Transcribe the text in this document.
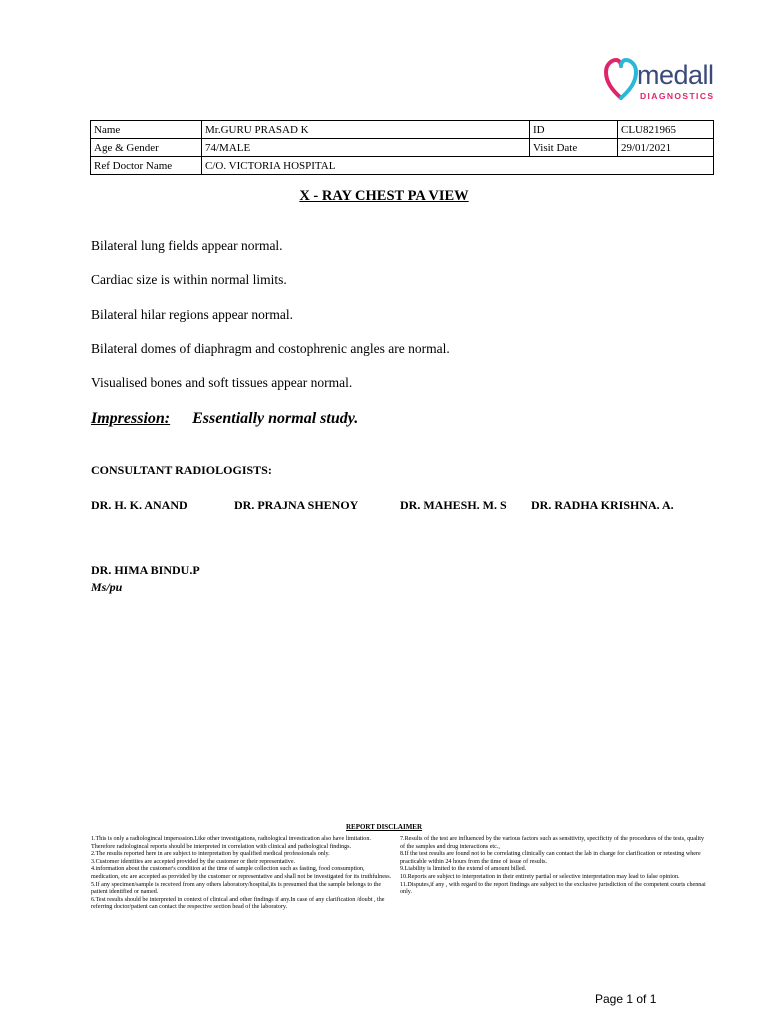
medall
DIAGNOSTICS
Name	Mr.GURU PRASAD K	ID	CLU821965
Age & Gender	74/MALE	Visit Date	29/01/2021
Ref Doctor Name	C/O. VICTORIA HOSPITAL		
X - RAY CHEST PA VIEW
Bilateral lung fields appear normal.
Cardiac size is within normal limits.
Bilateral hilar regions appear normal.
Bilateral domes of diaphragm and costophrenic angles are normal.
Visualised bones and soft tissues appear normal.
Impression: Essentially normal study.
CONSULTANT RADIOLOGISTS:
DR. H. K. ANAND	DR. PRAJNA SHENOY	DR. MAHESH. M. S DR. RADHA KRISHNA. A.
DR. HIMA BINDU.P
Ms/pu
REPORT DISCLAIMER

1.This is only a radiologincal impersssion.Like other investigations, radiological investication also have limitation. Therefore radiologincal reports should be interpreted in correlation with clinical and pathological findings.

2.The results reported here in are subject to interpretation by qualified medical professionals only.

3.Customer identities are accepted provided by the customer or their representative.

4.information about the customer's condition at the time of sample collection such as fasting, food consumption, medication, etc are accepted as provided by the customer or representative and shall not be investigated for its truthfulness.

5.If any specimen/sample is received from any others laboratory/hospital,its is presumed that the sample belongs to the patient identified or named.

6.Test results should be interpreted in context of clinical and other findings if any.In case of any clarification /doubt , the referring doctor/patient can contact the respective section head of the laboratory.

7.Results of the test are influenced by the various factors such as sensitivity, specificity of the procedures of the tests, quality of the samples and drug interactions etc.,

8.If the test results are found not to be correlating clinically can contact the lab in charge for clarification or retesting where practicable within 24 hours from the time of issue of results.

9.Liability is limited to the extend of amount billed.

10.Reports are subject to interpretation in their entirety partial or selective interpretation may lead to false opinion.

11.Disputes,if any , with regard to the report findings are subject to the exclusive jurisdiction of the competent courts chennai only.

Page 1 of 1
